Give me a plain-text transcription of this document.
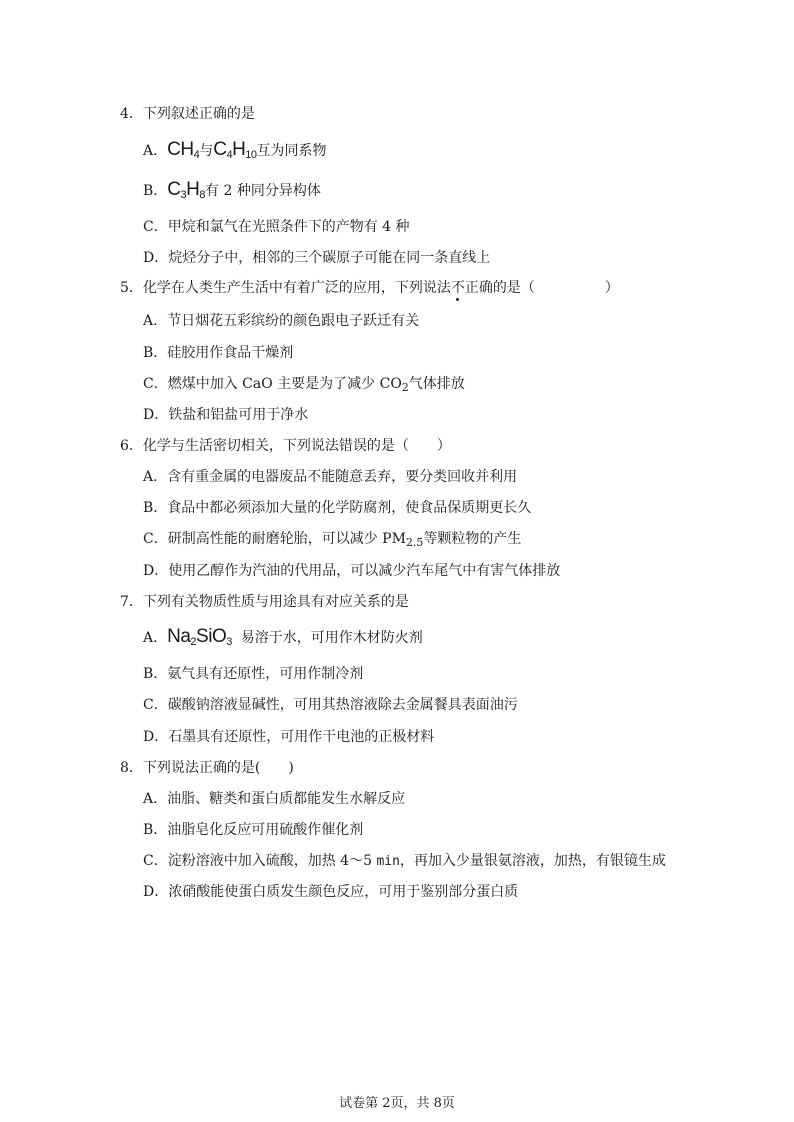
4．下列叙述正确的是
A．$CH_4$与$C_4H_{10}$互为同系物
B．$C_3H_8$有 2 种同分异构体
C．甲烷和氯气在光照条件下的产物有 4 种
D．烷烃分子中，相邻的三个碳原子可能在同一条直线上
5．化学在人类生产生活中有着广泛的应用，下列说法不正确的是（　　　　　）
A．节日烟花五彩缤纷的颜色跟电子跃迁有关
B．硅胶用作食品干燥剂
C．燃煤中加入 CaO 主要是为了减少 $CO_2$气体排放
D．铁盐和铝盐可用于净水
6．化学与生活密切相关，下列说法错误的是（　　）
A．含有重金属的电器废品不能随意丢弃，要分类回收并利用
B．食品中都必须添加大量的化学防腐剂，使食品保质期更长久
C．研制高性能的耐磨轮胎，可以减少 $PM_{2.5}$等颗粒物的产生
D．使用乙醇作为汽油的代用品，可以减少汽车尾气中有害气体排放
7．下列有关物质性质与用途具有对应关系的是
A．$Na_2SiO_3$ 易溶于水，可用作木材防火剂
B．氨气具有还原性，可用作制冷剂
C．碳酸钠溶液显碱性，可用其热溶液除去金属餐具表面油污
D．石墨具有还原性，可用作干电池的正极材料
8．下列说法正确的是(　　)
A．油脂、糖类和蛋白质都能发生水解反应
B．油脂皂化反应可用硫酸作催化剂
C．淀粉溶液中加入硫酸，加热 4～5 min，再加入少量银氨溶液，加热，有银镜生成
D．浓硝酸能使蛋白质发生颜色反应，可用于鉴别部分蛋白质
试卷第 2页，共 8页
